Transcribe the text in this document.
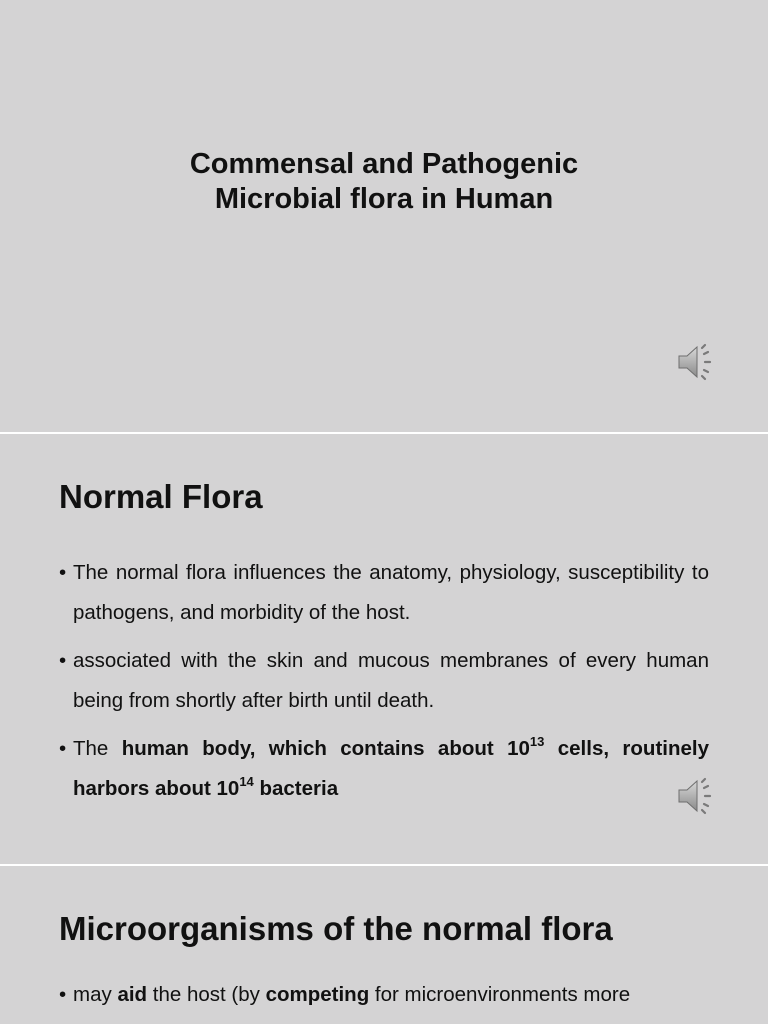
Commensal and Pathogenic
Microbial flora in Human
Normal Flora
• The normal flora influences the anatomy, physiology, susceptibility to pathogens, and morbidity of the host.
• associated with the skin and mucous membranes of every human being from shortly after birth until death.
• The human body, which contains about $10^{13}$ cells, routinely harbors about $10^{14}$ bacteria
Microorganisms of the normal flora
• may aid the host (by competing for microenvironments more
